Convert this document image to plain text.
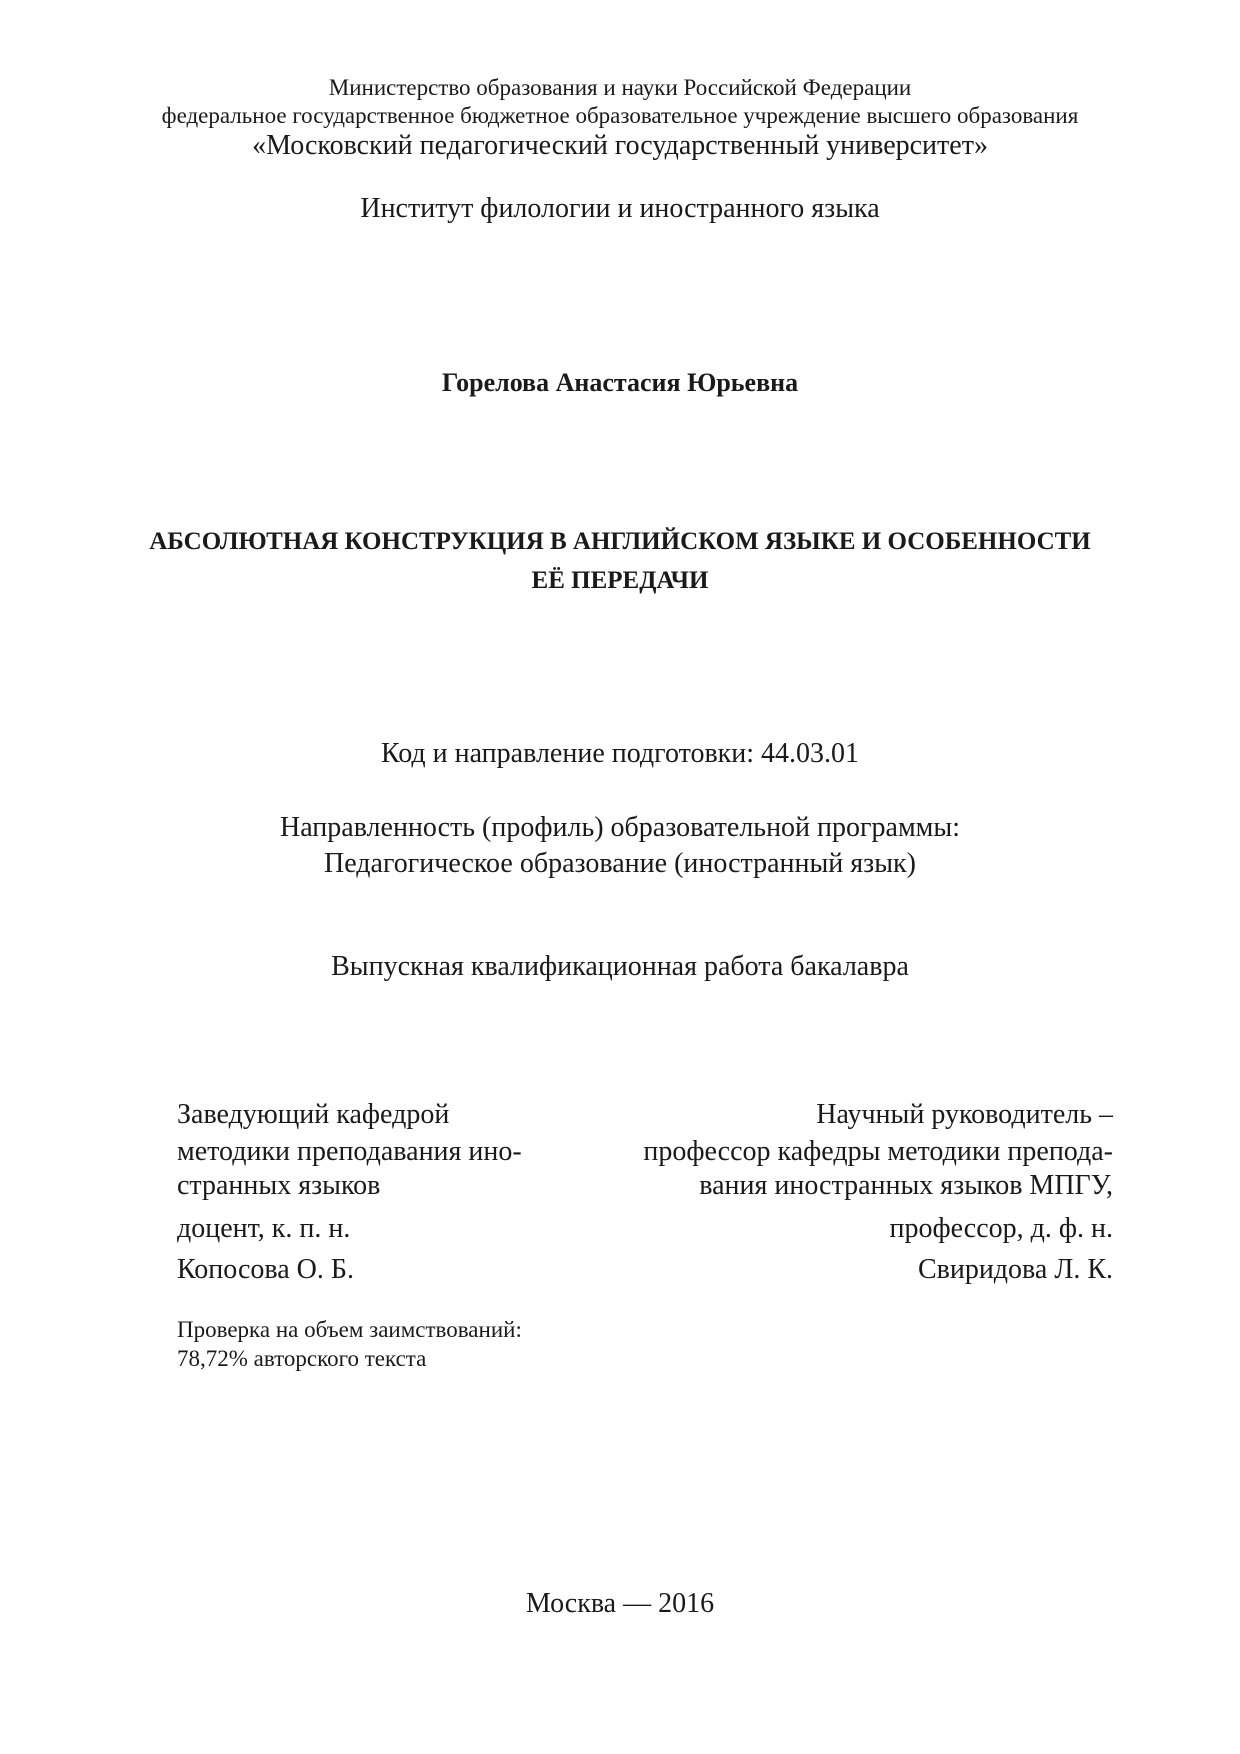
Министерство образования и науки Российской Федерации
федеральное государственное бюджетное образовательное учреждение высшего образования
«Московский педагогический государственный университет»
Институт филологии и иностранного языка
Горелова Анастасия Юрьевна
АБСОЛЮТНАЯ КОНСТРУКЦИЯ В АНГЛИЙСКОМ ЯЗЫКЕ И ОСОБЕННОСТИ
ЕЁ ПЕРЕДАЧИ
Код и направление подготовки: 44.03.01
Направленность (профиль) образовательной программы:
Педагогическое образование (иностранный язык)
Выпускная квалификационная работа бакалавра
Заведующий кафедрой
методики преподавания ино-
странных языков
доцент, к. п. н.
Копосова О. Б.
Научный руководитель –
профессор кафедры методики препода-
вания иностранных языков МПГУ,
профессор, д. ф. н.
Свиридова Л. К.
Проверка на объем заимствований:
78,72% авторского текста
Москва — 2016
